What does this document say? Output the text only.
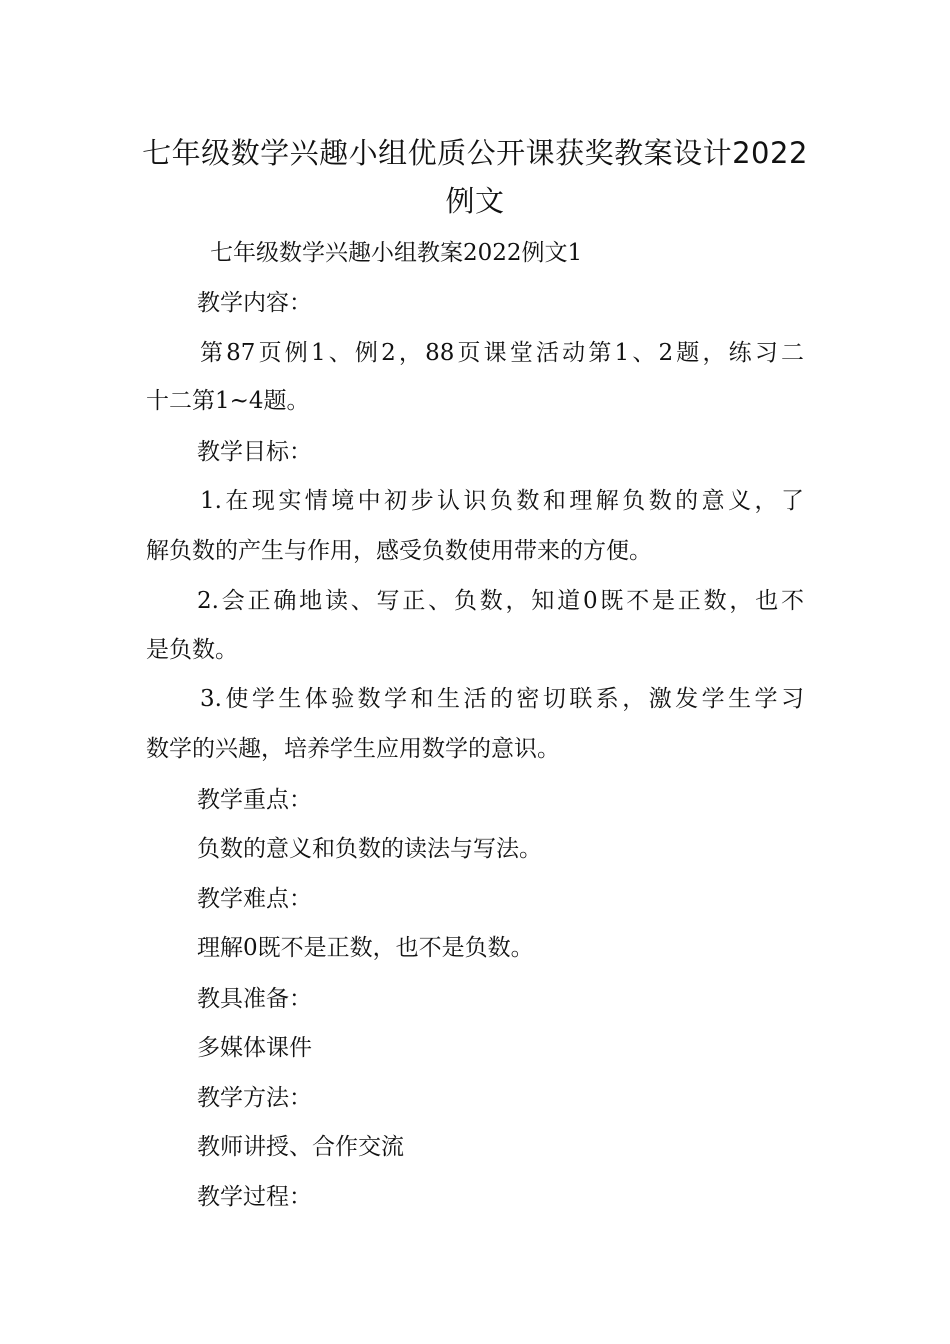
七年级数学兴趣小组优质公开课获奖教案设计2022
例文
七年级数学兴趣小组教案2022例文1
教学内容：
第87页例1、例2，88页课堂活动第1、2题，练习二
十二第1~4题。
教学目标：
1.在现实情境中初步认识负数和理解负数的意义，了
解负数的产生与作用，感受负数使用带来的方便。
2.会正确地读、写正、负数，知道0既不是正数，也不
是负数。
3.使学生体验数学和生活的密切联系，激发学生学习
数学的兴趣，培养学生应用数学的意识。
教学重点：
负数的意义和负数的读法与写法。
教学难点：
理解0既不是正数，也不是负数。
教具准备：
多媒体课件
教学方法：
教师讲授、合作交流
教学过程：
